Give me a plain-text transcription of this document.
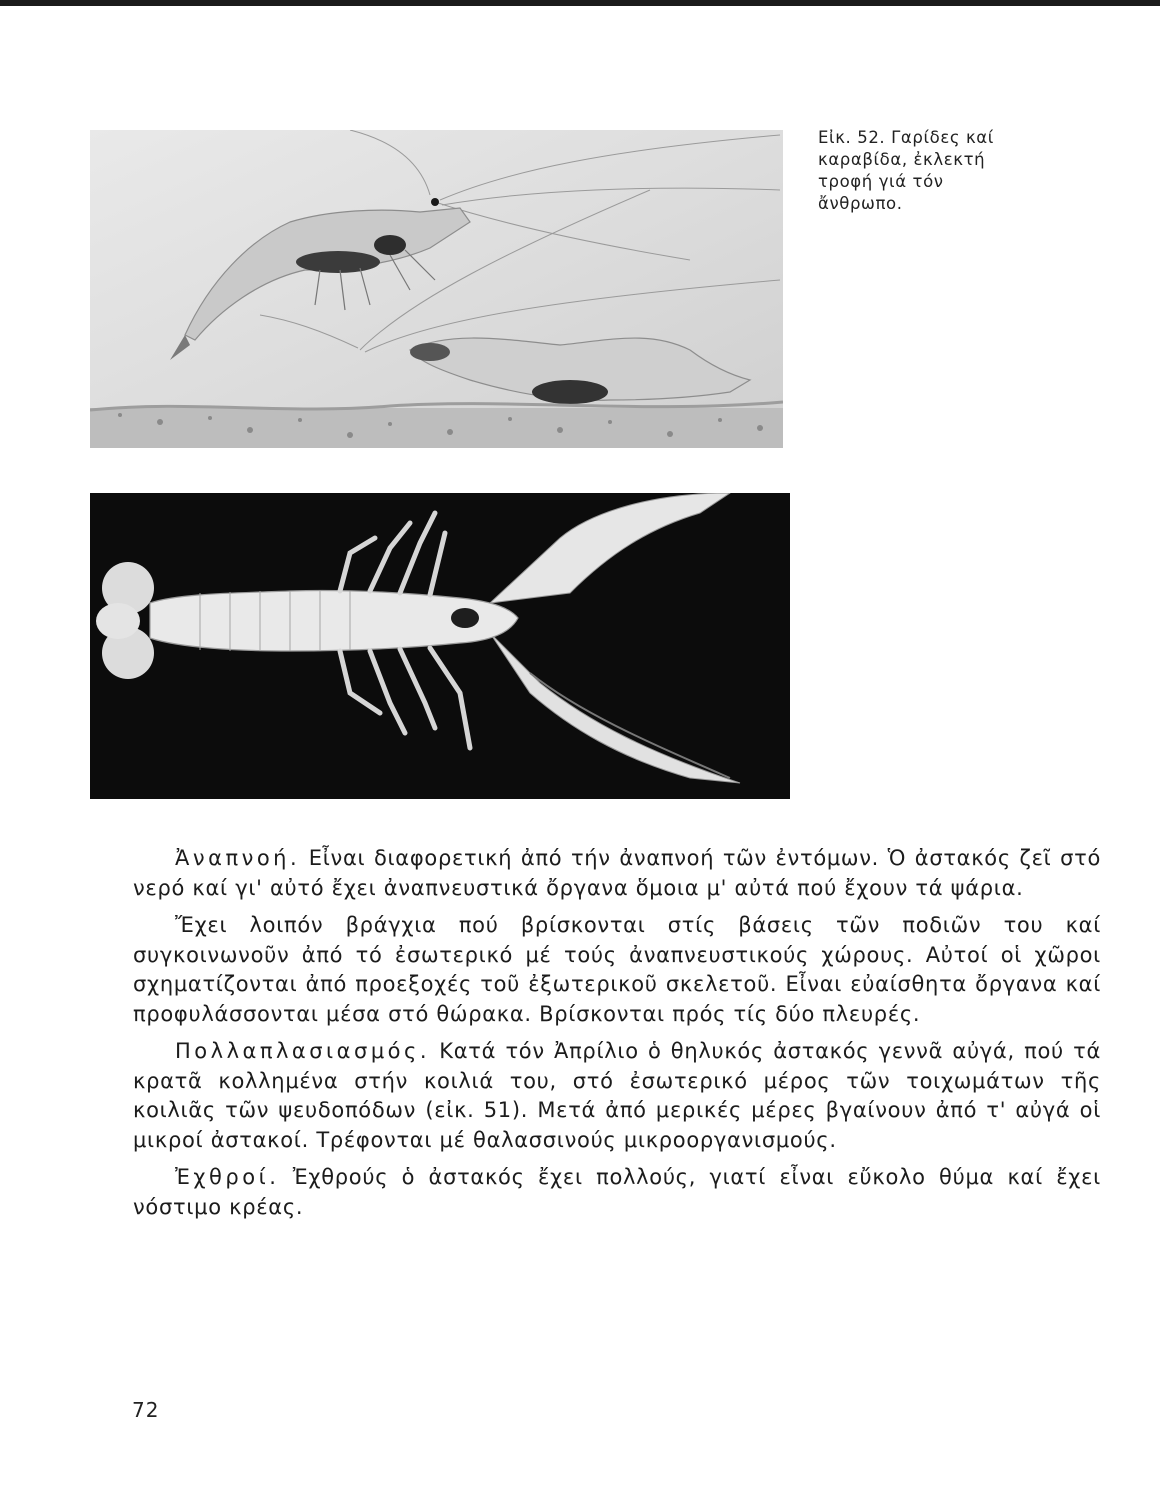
Εἰκ. 52. Γαρίδες καί καραβίδα, ἐκλεκτή τροφή γιά τόν ἄνθρωπο.

Ἀναπνοή. Εἶναι διαφορετική ἀπό τήν ἀναπνοή τῶν ἐντόμων. Ὁ ἀστακός ζεῖ στό νερό καί γι' αὐτό ἔχει ἀναπνευστικά ὄργανα ὅμοια μ' αὐτά πού ἔχουν τά ψάρια.

Ἔχει λοιπόν βράγχια πού βρίσκονται στίς βάσεις τῶν ποδιῶν του καί συγκοινωνοῦν ἀπό τό ἐσωτερικό μέ τούς ἀναπνευστικούς χώρους. Αὐτοί οἱ χῶροι σχηματίζονται ἀπό προεξοχές τοῦ ἐξωτερικοῦ σκελετοῦ. Εἶναι εὐαίσθητα ὄργανα καί προφυλάσσονται μέσα στό θώρακα. Βρίσκονται πρός τίς δύο πλευρές.

Πολλαπλασιασμός. Κατά τόν Ἀπρίλιο ὁ θηλυκός ἀστακός γεννᾶ αὐγά, πού τά κρατᾶ κολλημένα στήν κοιλιά του, στό ἐσωτερικό μέρος τῶν τοιχωμάτων τῆς κοιλιᾶς τῶν ψευδοπόδων (εἰκ. 51). Μετά ἀπό μερικές μέρες βγαίνουν ἀπό τ' αὐγά οἱ μικροί ἀστακοί. Τρέφονται μέ θαλασσινούς μικροοργανισμούς.

Ἐχθροί. Ἐχθρούς ὁ ἀστακός ἔχει πολλούς, γιατί εἶναι εὔκολο θύμα καί ἔχει νόστιμο κρέας.

72
